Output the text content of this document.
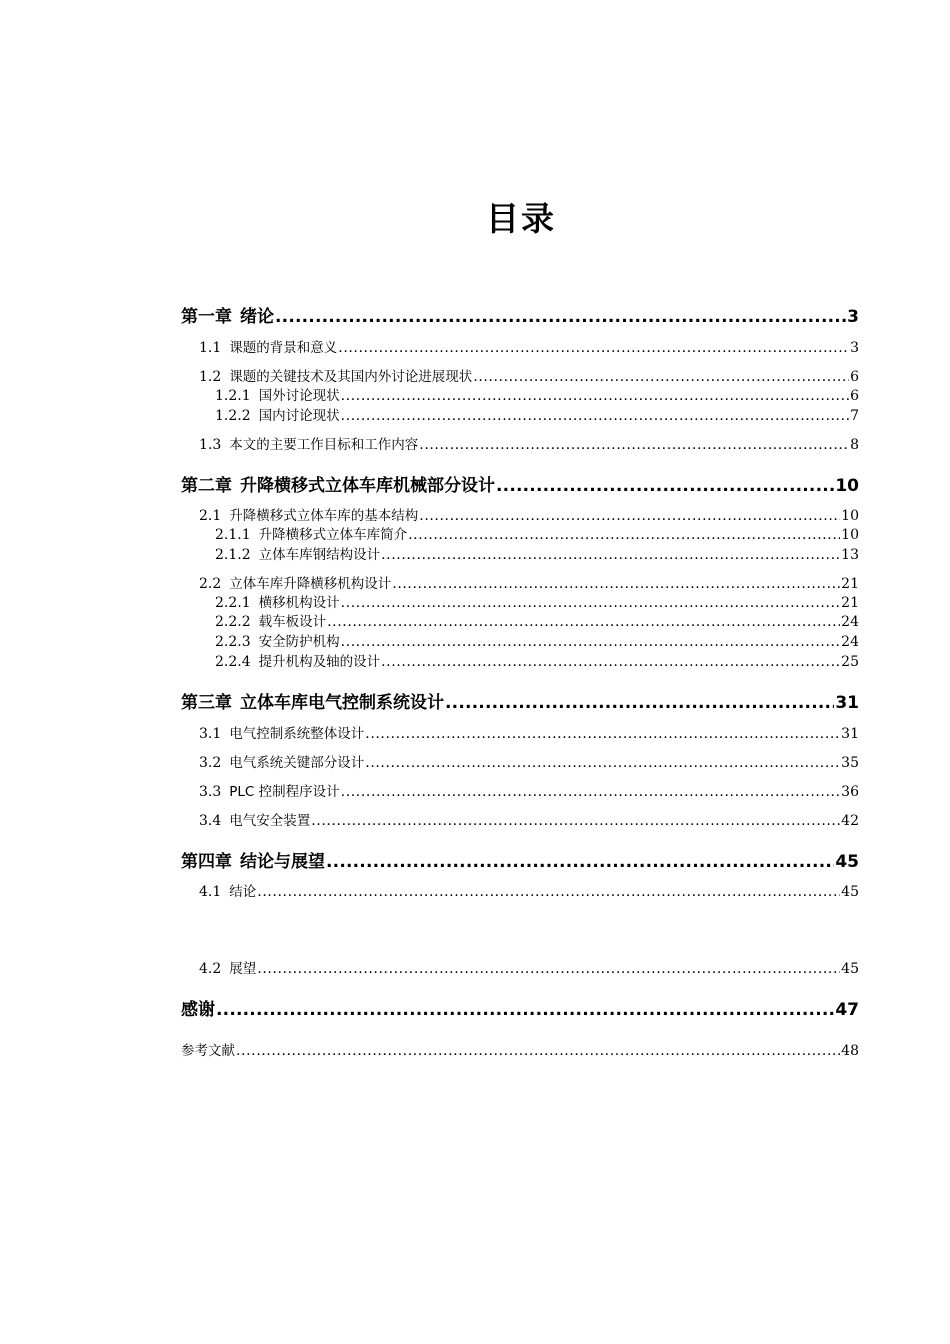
目录
第一章 绪论 .....	3
1.1 课题的背景和意义 .....	3
1.2 课题的关键技术及其国内外讨论进展现状 .....	6
1.2.1 国外讨论现状 .....	6
1.2.2 国内讨论现状 .....	7
1.3 本文的主要工作目标和工作内容 .....	8
第二章 升降横移式立体车库机械部分设计 .....	10
2.1 升降横移式立体车库的基本结构 .....	10
2.1.1 升降横移式立体车库简介 .....	10
2.1.2 立体车库钢结构设计 .....	13
2.2 立体车库升降横移机构设计 .....	21
2.2.1 横移机构设计 .....	21
2.2.2 载车板设计 .....	24
2.2.3 安全防护机构 .....	24
2.2.4 提升机构及轴的设计 .....	25
第三章 立体车库电气控制系统设计 .....	31
3.1 电气控制系统整体设计 .....	31
3.2 电气系统关键部分设计 .....	35
3.3 PLC 控制程序设计 .....	36
3.4 电气安全装置 .....	42
第四章 结论与展望 .....	45
4.1 结论 .....	45
4.2 展望 .....	45
感谢 .....	47
参考文献 .....	48
